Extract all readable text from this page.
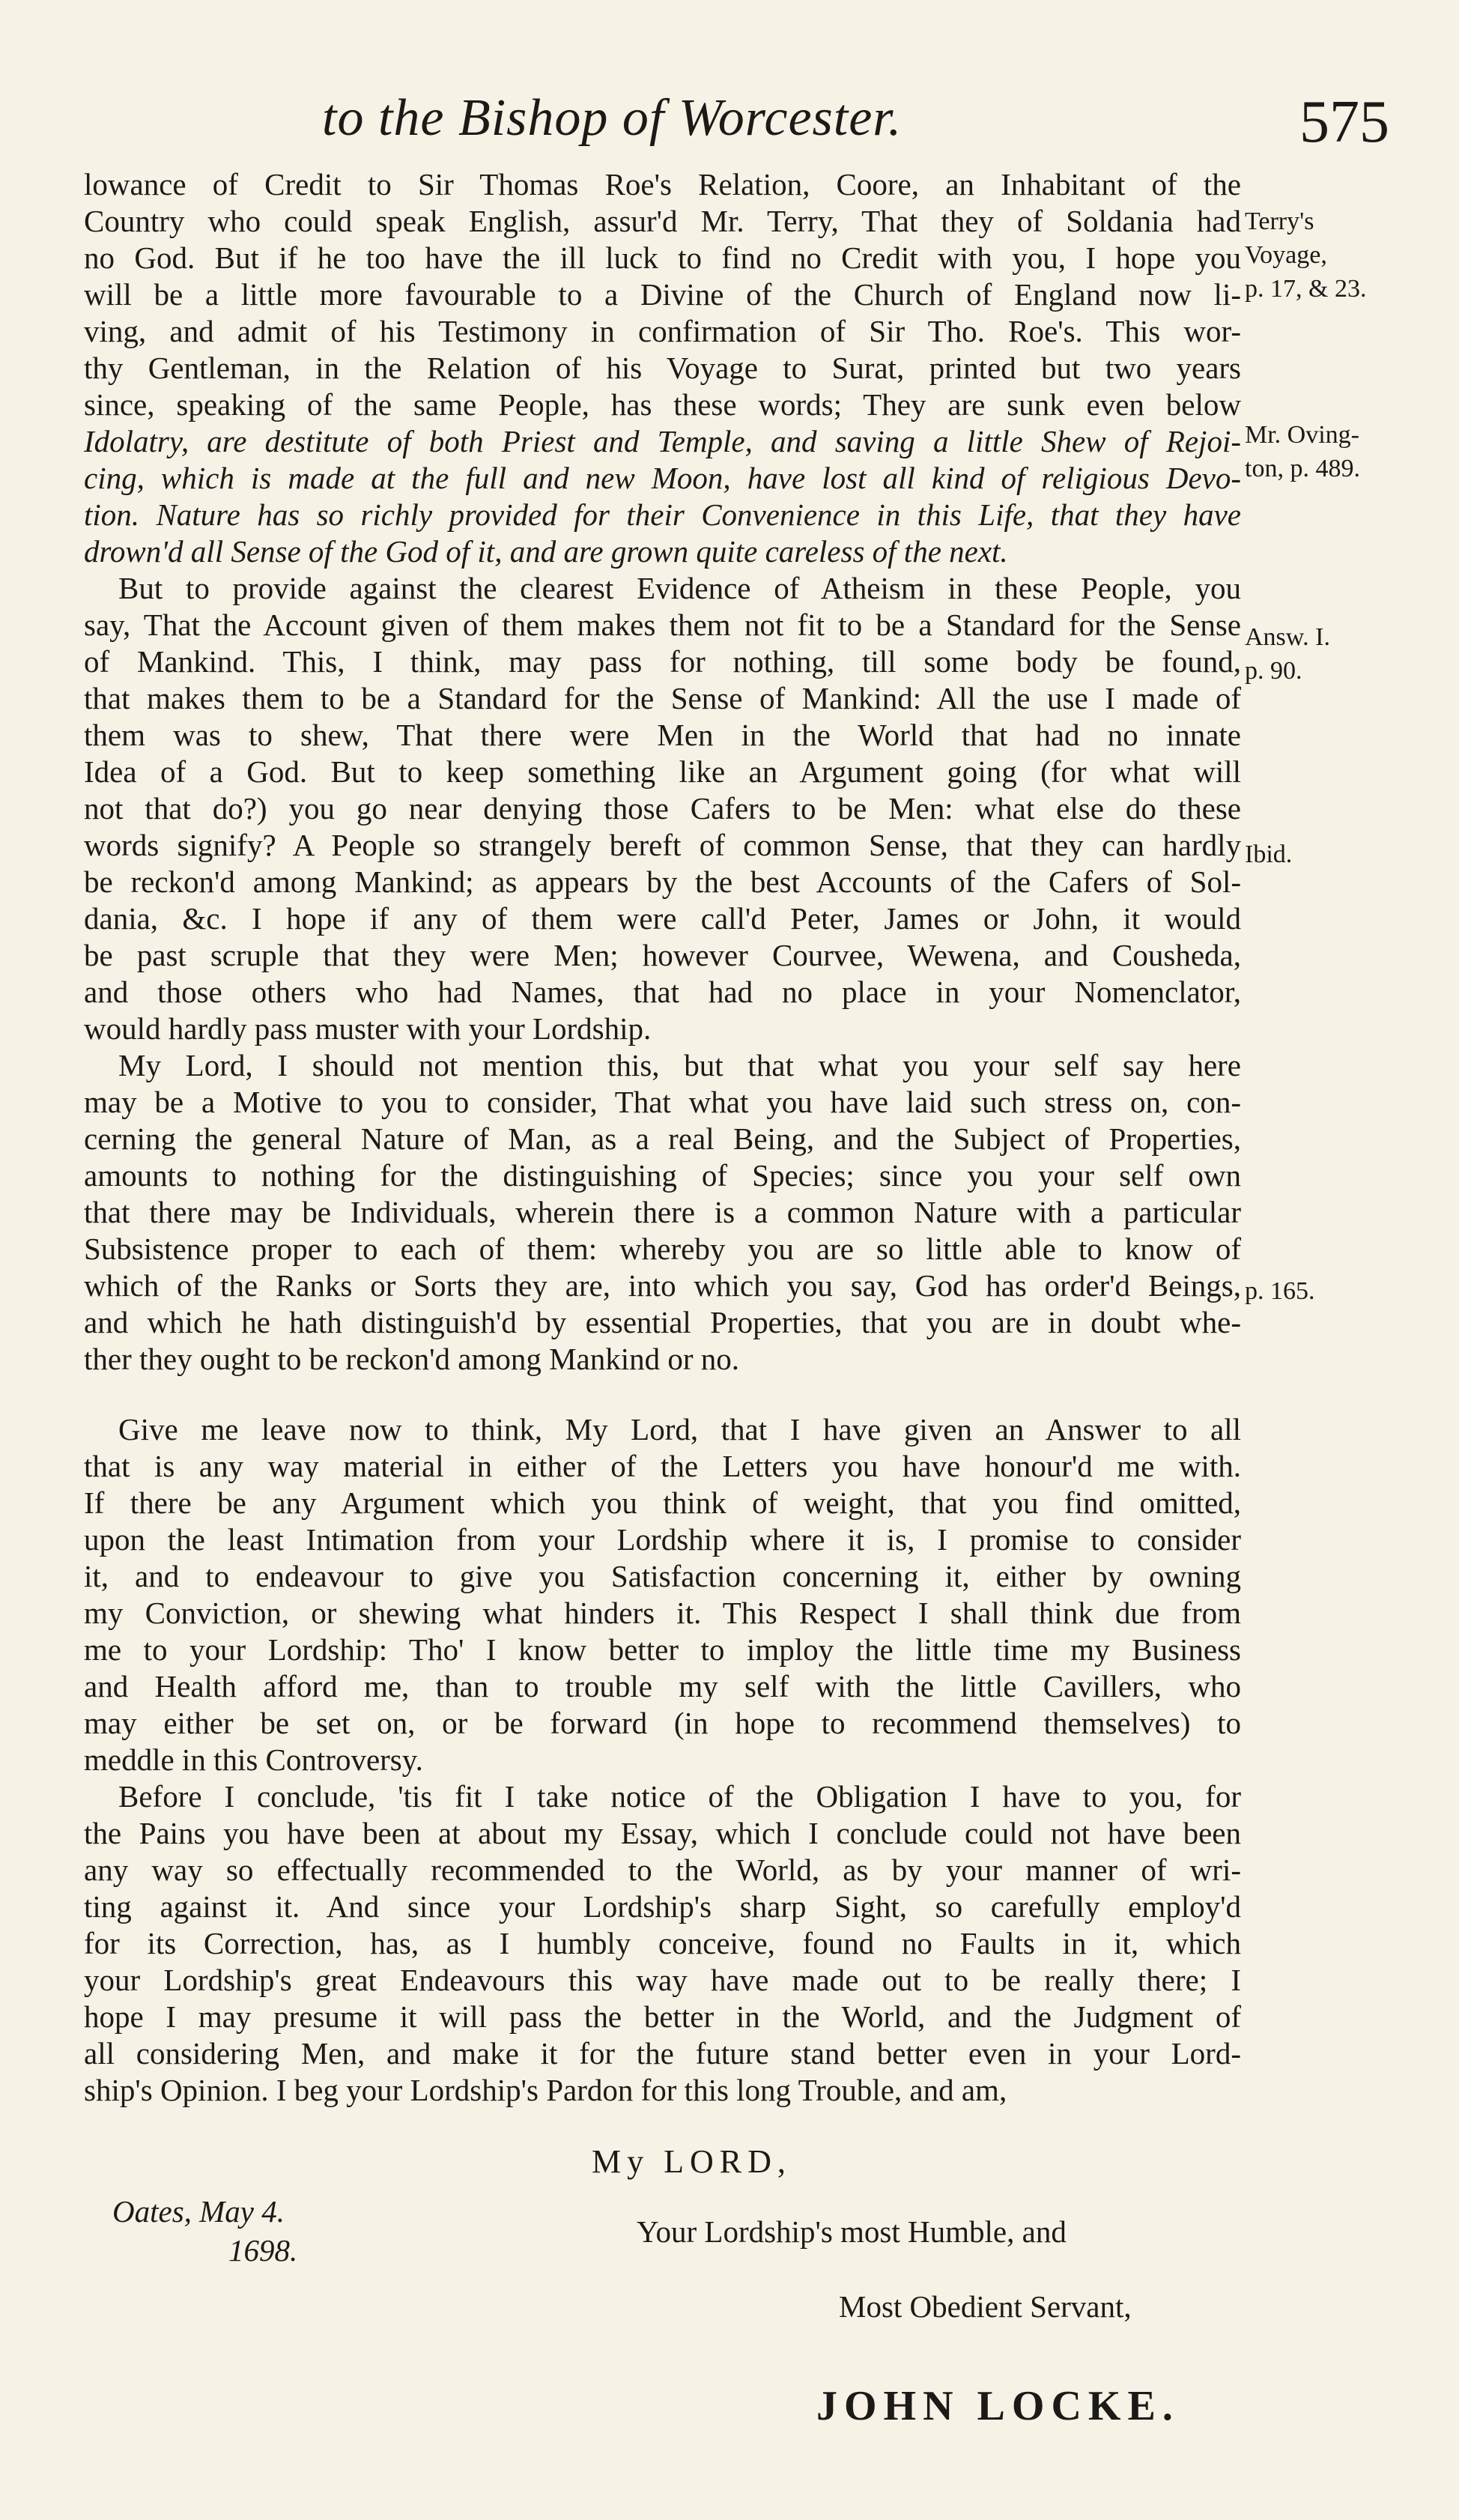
to the Bishop of Worcester.	575
lowance of Credit to Sir Thomas Roe's Relation, Coore, an Inhabitant of the
Country who could speak English, assur'd Mr. Terry, That they of Soldania had
no God. But if he too have the ill luck to find no Credit with you, I hope you
will be a little more favourable to a Divine of the Church of England now li-
ving, and admit of his Testimony in confirmation of Sir Tho. Roe's. This wor-
thy Gentleman, in the Relation of his Voyage to Surat, printed but two years
since, speaking of the same People, has these words; They are sunk even below
Idolatry, are destitute of both Priest and Temple, and saving a little Shew of Rejoi-
cing, which is made at the full and new Moon, have lost all kind of religious Devo-
tion. Nature has so richly provided for their Convenience in this Life, that they have
drown'd all Sense of the God of it, and are grown quite careless of the next.
But to provide against the clearest Evidence of Atheism in these People, you
say, That the Account given of them makes them not fit to be a Standard for the Sense
of Mankind. This, I think, may pass for nothing, till some body be found,
that makes them to be a Standard for the Sense of Mankind: All the use I made of
them was to shew, That there were Men in the World that had no innate
Idea of a God. But to keep something like an Argument going (for what will
not that do?) you go near denying those Cafers to be Men: what else do these
words signify? A People so strangely bereft of common Sense, that they can hardly
be reckon'd among Mankind; as appears by the best Accounts of the Cafers of Sol-
dania, &c. I hope if any of them were call'd Peter, James or John, it would
be past scruple that they were Men; however Courvee, Wewena, and Cousheda,
and those others who had Names, that had no place in your Nomenclator,
would hardly pass muster with your Lordship.
My Lord, I should not mention this, but that what you your self say here
may be a Motive to you to consider, That what you have laid such stress on, con-
cerning the general Nature of Man, as a real Being, and the Subject of Properties,
amounts to nothing for the distinguishing of Species; since you your self own
that there may be Individuals, wherein there is a common Nature with a particular
Subsistence proper to each of them: whereby you are so little able to know of
which of the Ranks or Sorts they are, into which you say, God has order'd Beings,
and which he hath distinguish'd by essential Properties, that you are in doubt whe-
ther they ought to be reckon'd among Mankind or no.
Give me leave now to think, My Lord, that I have given an Answer to all
that is any way material in either of the Letters you have honour'd me with.
If there be any Argument which you think of weight, that you find omitted,
upon the least Intimation from your Lordship where it is, I promise to consider
it, and to endeavour to give you Satisfaction concerning it, either by owning
my Conviction, or shewing what hinders it. This Respect I shall think due from
me to your Lordship: Tho' I know better to imploy the little time my Business
and Health afford me, than to trouble my self with the little Cavillers, who
may either be set on, or be forward (in hope to recommend themselves) to
meddle in this Controversy.
Before I conclude, 'tis fit I take notice of the Obligation I have to you, for
the Pains you have been at about my Essay, which I conclude could not have been
any way so effectually recommended to the World, as by your manner of wri-
ting against it. And since your Lordship's sharp Sight, so carefully employ'd
for its Correction, has, as I humbly conceive, found no Faults in it, which
your Lordship's great Endeavours this way have made out to be really there; I
hope I may presume it will pass the better in the World, and the Judgment of
all considering Men, and make it for the future stand better even in your Lord-
ship's Opinion. I beg your Lordship's Pardon for this long Trouble, and am,
Terry's
Voyage,
p. 17, & 23.
Mr. Oving-
ton, p. 489.
Answ. I.
p. 90.
Ibid.
p. 165.
My LORD,
Oates, May 4.
1698.
Your Lordship's most Humble, and
Most Obedient Servant,
JOHN LOCKE.
